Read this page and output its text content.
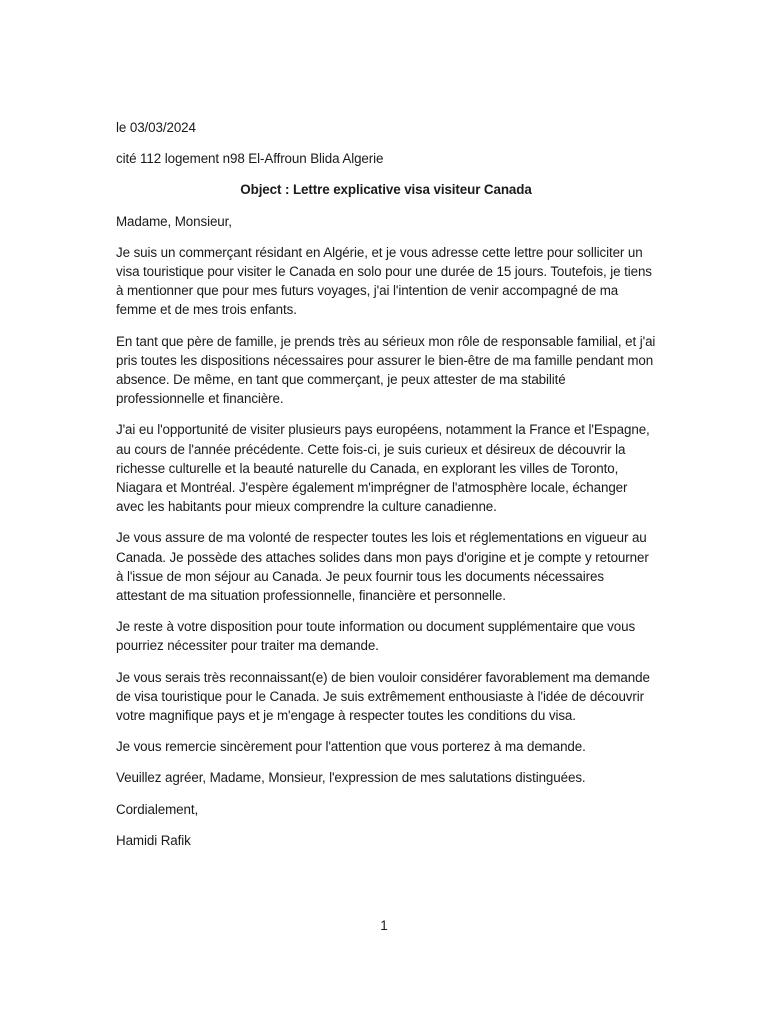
le 03/03/2024

cité 112 logement n98 El-Affroun Blida Algerie

Object : Lettre explicative visa visiteur Canada

Madame, Monsieur,

Je suis un commerçant résidant en Algérie, et je vous adresse cette lettre pour solliciter un visa touristique pour visiter le Canada en solo pour une durée de 15 jours. Toutefois, je tiens à mentionner que pour mes futurs voyages, j'ai l'intention de venir accompagné de ma femme et de mes trois enfants.

En tant que père de famille, je prends très au sérieux mon rôle de responsable familial, et j'ai pris toutes les dispositions nécessaires pour assurer le bien-être de ma famille pendant mon absence. De même, en tant que commerçant, je peux attester de ma stabilité professionnelle et financière.

J'ai eu l'opportunité de visiter plusieurs pays européens, notamment la France et l'Espagne, au cours de l'année précédente. Cette fois-ci, je suis curieux et désireux de découvrir la richesse culturelle et la beauté naturelle du Canada, en explorant les villes de Toronto, Niagara et Montréal. J'espère également m'imprégner de l'atmosphère locale, échanger avec les habitants pour mieux comprendre la culture canadienne.

Je vous assure de ma volonté de respecter toutes les lois et réglementations en vigueur au Canada. Je possède des attaches solides dans mon pays d'origine et je compte y retourner à l'issue de mon séjour au Canada. Je peux fournir tous les documents nécessaires attestant de ma situation professionnelle, financière et personnelle.

Je reste à votre disposition pour toute information ou document supplémentaire que vous pourriez nécessiter pour traiter ma demande.

Je vous serais très reconnaissant(e) de bien vouloir considérer favorablement ma demande de visa touristique pour le Canada. Je suis extrêmement enthousiaste à l'idée de découvrir votre magnifique pays et je m'engage à respecter toutes les conditions du visa.

Je vous remercie sincèrement pour l'attention que vous porterez à ma demande.

Veuillez agréer, Madame, Monsieur, l'expression de mes salutations distinguées.

Cordialement,

Hamidi Rafik

1
